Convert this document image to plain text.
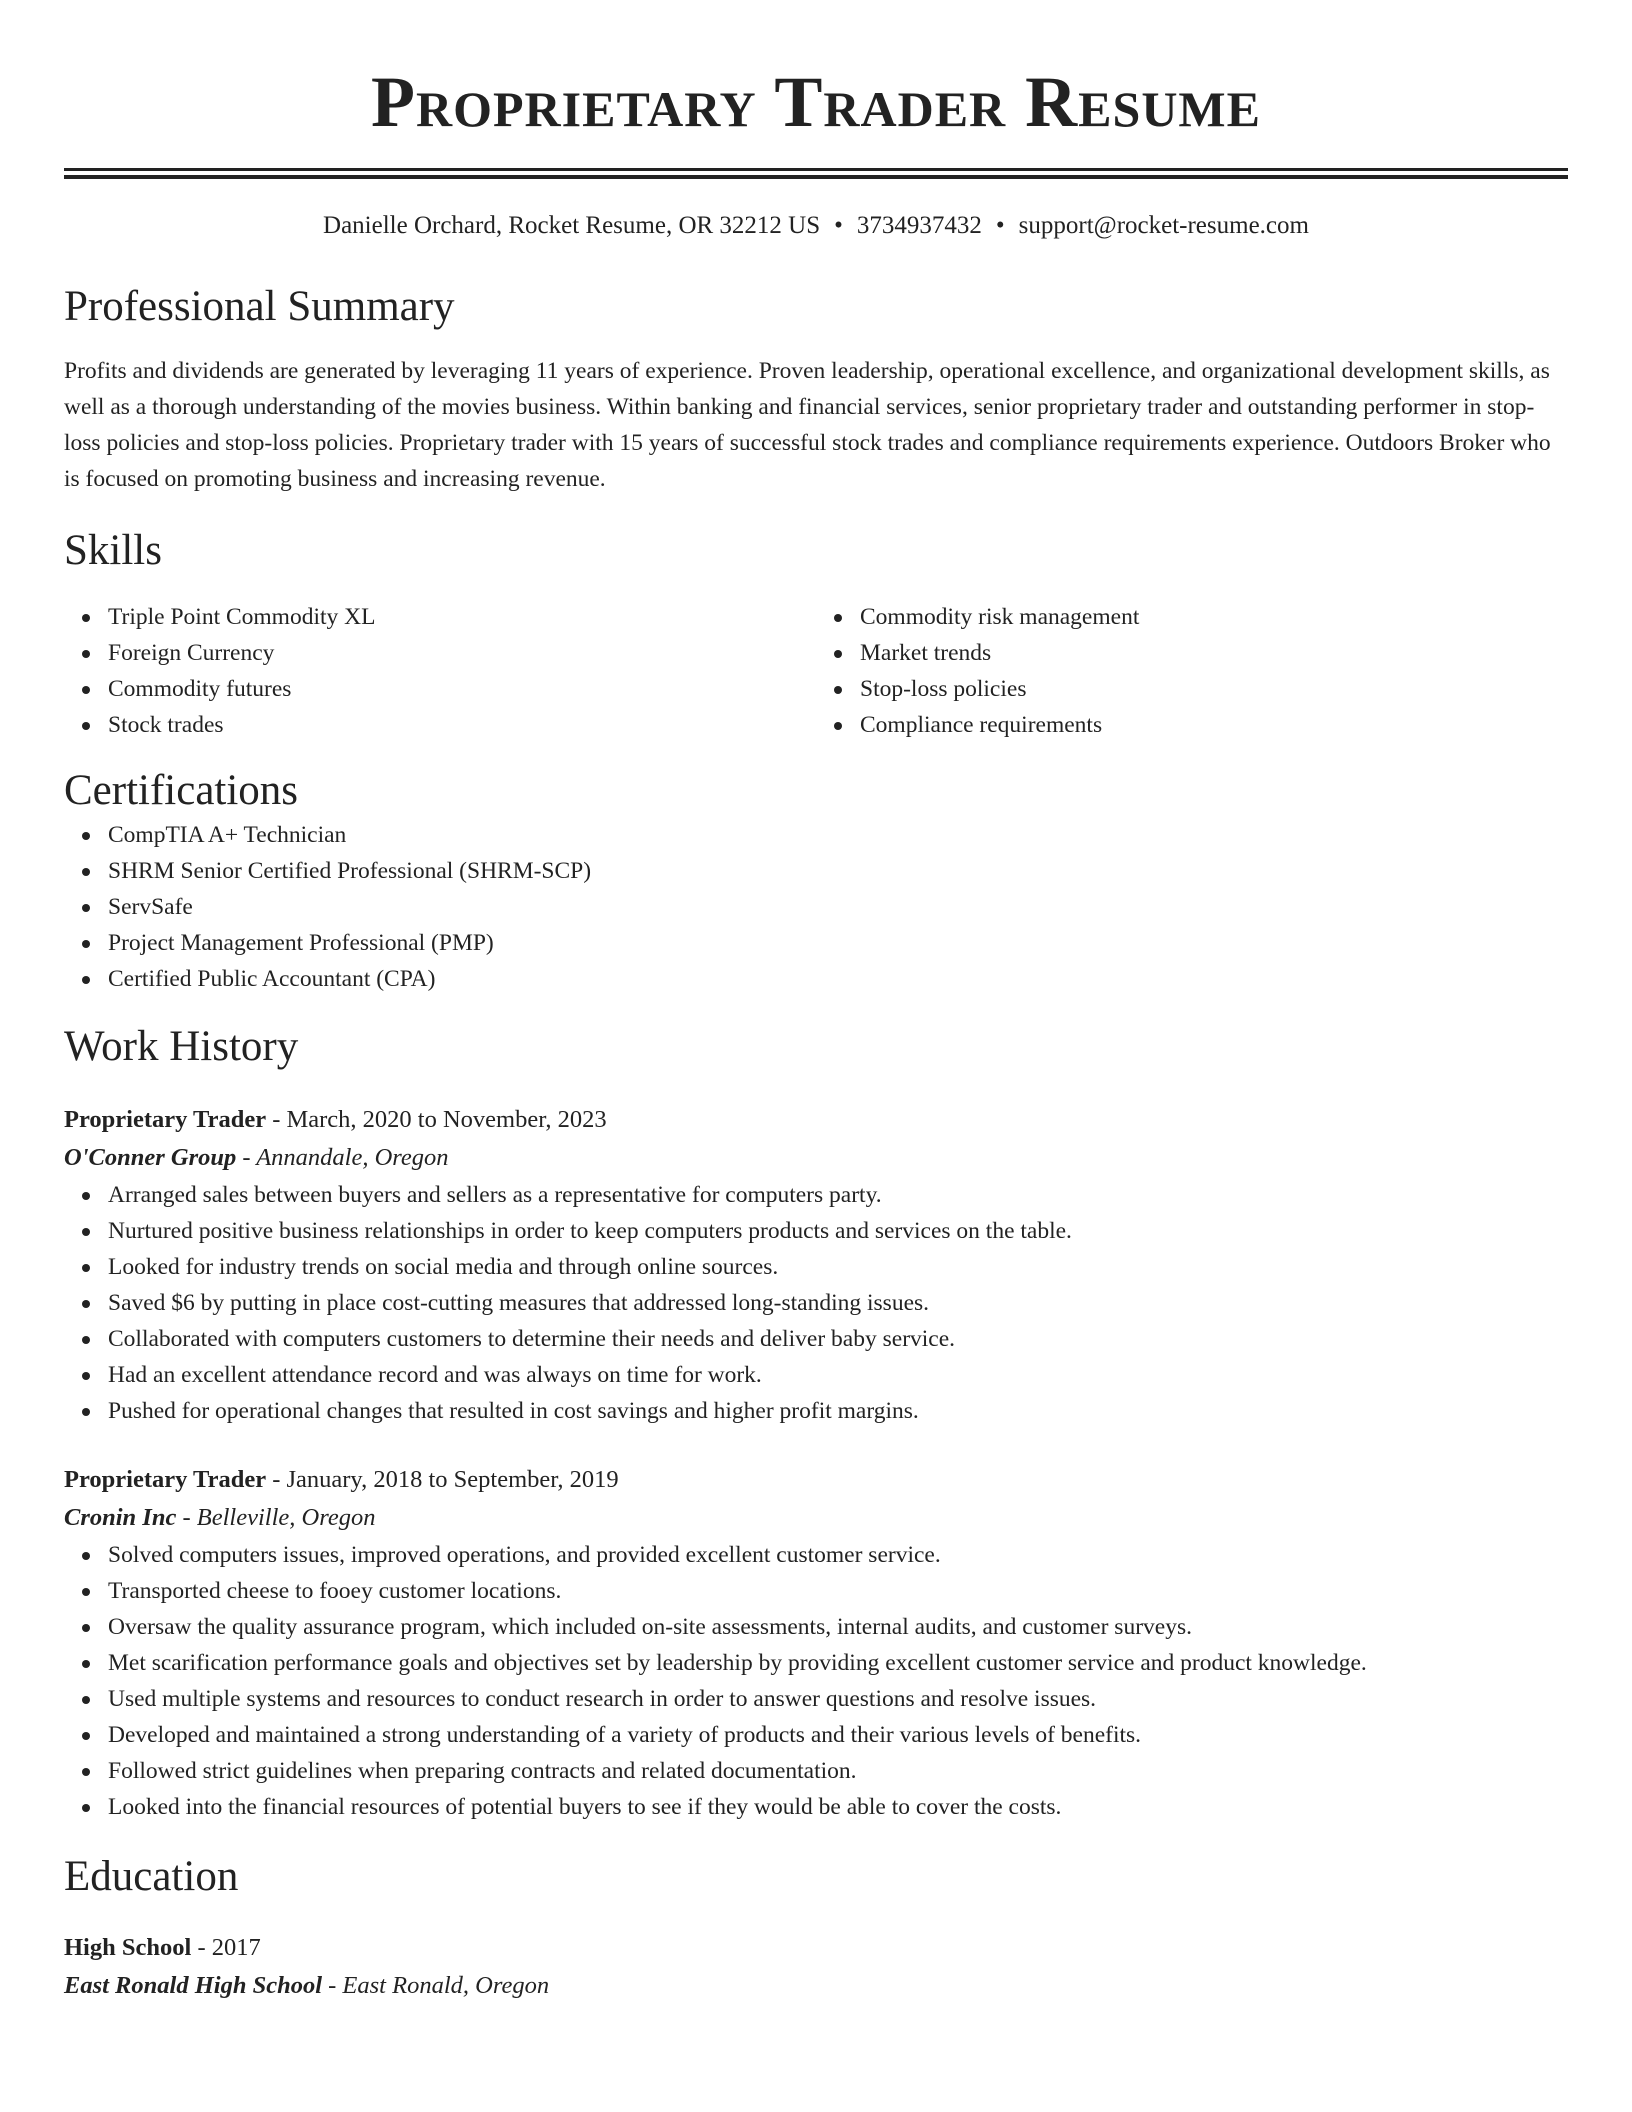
Proprietary Trader Resume
Danielle Orchard, Rocket Resume, OR 32212 US • 3734937432 • support@rocket-resume.com
Professional Summary

Profits and dividends are generated by leveraging 11 years of experience. Proven leadership, operational excellence, and organizational development skills, as well as a thorough understanding of the movies business. Within banking and financial services, senior proprietary trader and outstanding performer in stop-loss policies and stop-loss policies. Proprietary trader with 15 years of successful stock trades and compliance requirements experience. Outdoors Broker who is focused on promoting business and increasing revenue.

Skills
Triple Point Commodity XL
Foreign Currency
Commodity futures
Stock trades
Commodity risk management
Market trends
Stop-loss policies
Compliance requirements
Certifications
CompTIA A+ Technician
SHRM Senior Certified Professional (SHRM-SCP)
ServSafe
Project Management Professional (PMP)
Certified Public Accountant (CPA)
Work History
Proprietary Trader - March, 2020 to November, 2023
O'Conner Group - Annandale, Oregon
Arranged sales between buyers and sellers as a representative for computers party.
Nurtured positive business relationships in order to keep computers products and services on the table.
Looked for industry trends on social media and through online sources.
Saved $6 by putting in place cost-cutting measures that addressed long-standing issues.
Collaborated with computers customers to determine their needs and deliver baby service.
Had an excellent attendance record and was always on time for work.
Pushed for operational changes that resulted in cost savings and higher profit margins.
Proprietary Trader - January, 2018 to September, 2019
Cronin Inc - Belleville, Oregon
Solved computers issues, improved operations, and provided excellent customer service.
Transported cheese to fooey customer locations.
Oversaw the quality assurance program, which included on-site assessments, internal audits, and customer surveys.
Met scarification performance goals and objectives set by leadership by providing excellent customer service and product knowledge.
Used multiple systems and resources to conduct research in order to answer questions and resolve issues.
Developed and maintained a strong understanding of a variety of products and their various levels of benefits.
Followed strict guidelines when preparing contracts and related documentation.
Looked into the financial resources of potential buyers to see if they would be able to cover the costs.
Education
High School - 2017
East Ronald High School - East Ronald, Oregon
